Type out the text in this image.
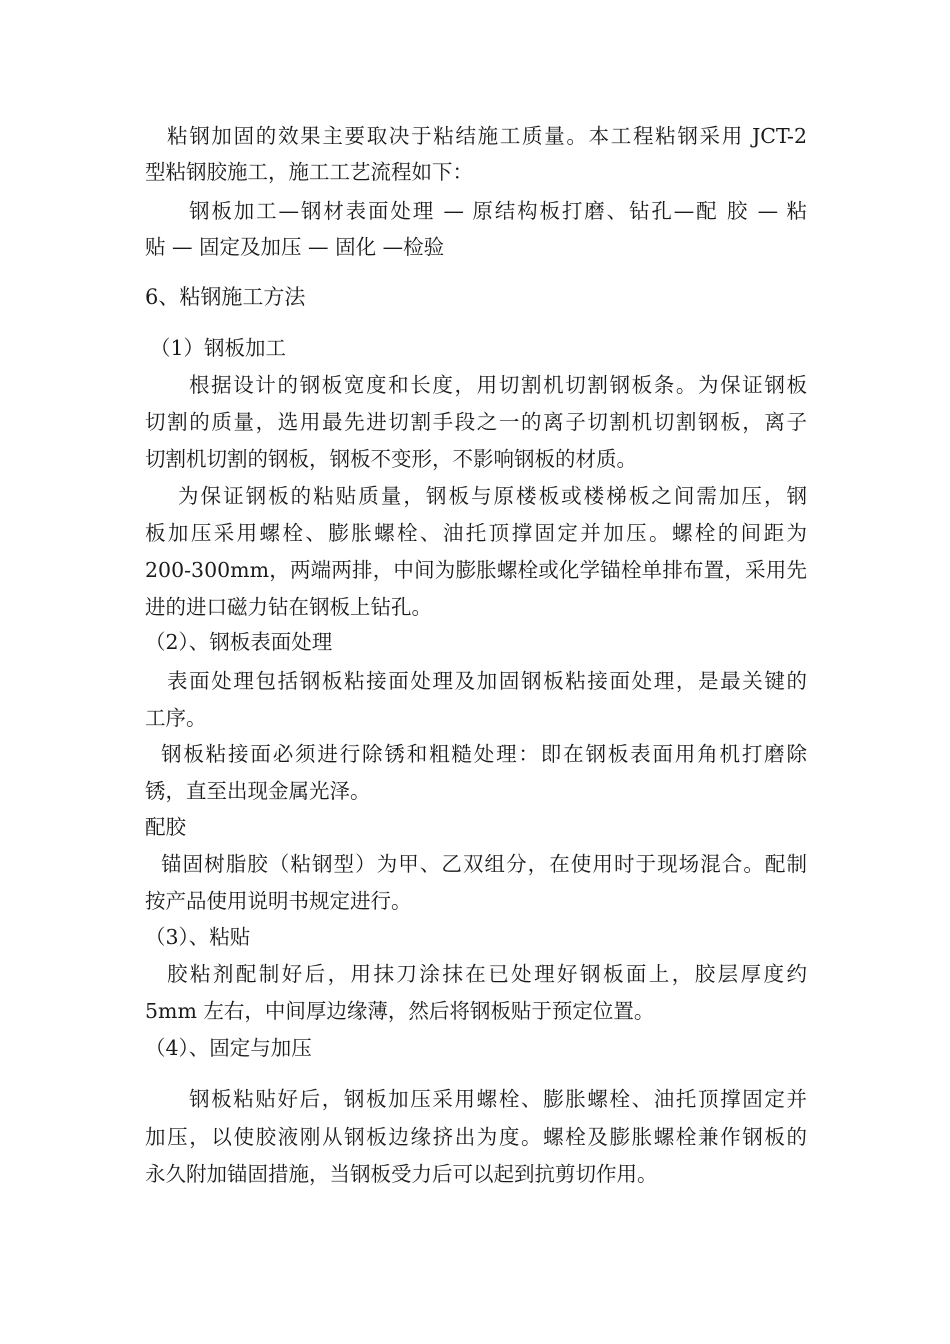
粘钢加固的效果主要取决于粘结施工质量。本工程粘钢采用 JCT-2
型粘钢胶施工，施工工艺流程如下：
钢板加工—钢材表面处理 — 原结构板打磨、钻孔—配 胶 — 粘
贴 — 固定及加压 — 固化 —检验
6、粘钢施工方法
（1）钢板加工
根据设计的钢板宽度和长度，用切割机切割钢板条。为保证钢板
切割的质量，选用最先进切割手段之一的离子切割机切割钢板，离子
切割机切割的钢板，钢板不变形，不影响钢板的材质。
为保证钢板的粘贴质量，钢板与原楼板或楼梯板之间需加压，钢
板加压采用螺栓、膨胀螺栓、油托顶撑固定并加压。螺栓的间距为
200-300mm，两端两排，中间为膨胀螺栓或化学锚栓单排布置，采用先
进的进口磁力钻在钢板上钻孔。
（2）、钢板表面处理
表面处理包括钢板粘接面处理及加固钢板粘接面处理，是最关键的
工序。
钢板粘接面必须进行除锈和粗糙处理：即在钢板表面用角机打磨除
锈，直至出现金属光泽。
配胶
锚固树脂胶（粘钢型）为甲、乙双组分，在使用时于现场混合。配制
按产品使用说明书规定进行。
（3）、粘贴
胶粘剂配制好后，用抹刀涂抹在已处理好钢板面上，胶层厚度约
5mm 左右，中间厚边缘薄，然后将钢板贴于预定位置。
（4）、固定与加压
钢板粘贴好后，钢板加压采用螺栓、膨胀螺栓、油托顶撑固定并
加压，以使胶液刚从钢板边缘挤出为度。螺栓及膨胀螺栓兼作钢板的
永久附加锚固措施，当钢板受力后可以起到抗剪切作用。
